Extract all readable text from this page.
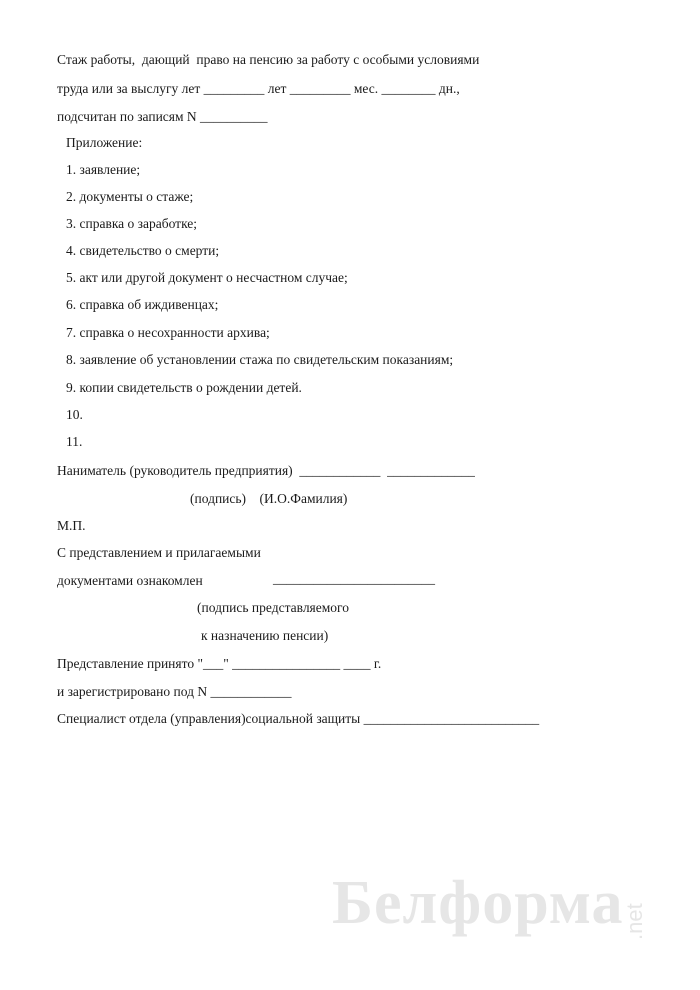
Стаж работы,  дающий  право на пенсию за работу с особыми условиями
труда или за выслугу лет _________ лет _________ мес. ________ дн.,
подсчитан по записям N __________
Приложение:
1. заявление;
2. документы о стаже;
3. справка о заработке;
4. свидетельство о смерти;
5. акт или другой документ о несчастном случае;
6. справка об иждивенцах;
7. справка о несохранности архива;
8. заявление об установлении стажа по свидетельским показаниям;
9. копии свидетельств о рождении детей.
10.
11.
Наниматель (руководитель предприятия)  ____________  _____________
(подпись)    (И.О.Фамилия)
М.П.
С представлением и прилагаемыми
документами ознакомлен	________________________
(подпись представляемого
к назначению пенсии)
Представление принято "___" ________________ ____ г.
и зарегистрировано под N ____________
Специалист отдела (управления)социальной защиты __________________________
Белформа
.net
